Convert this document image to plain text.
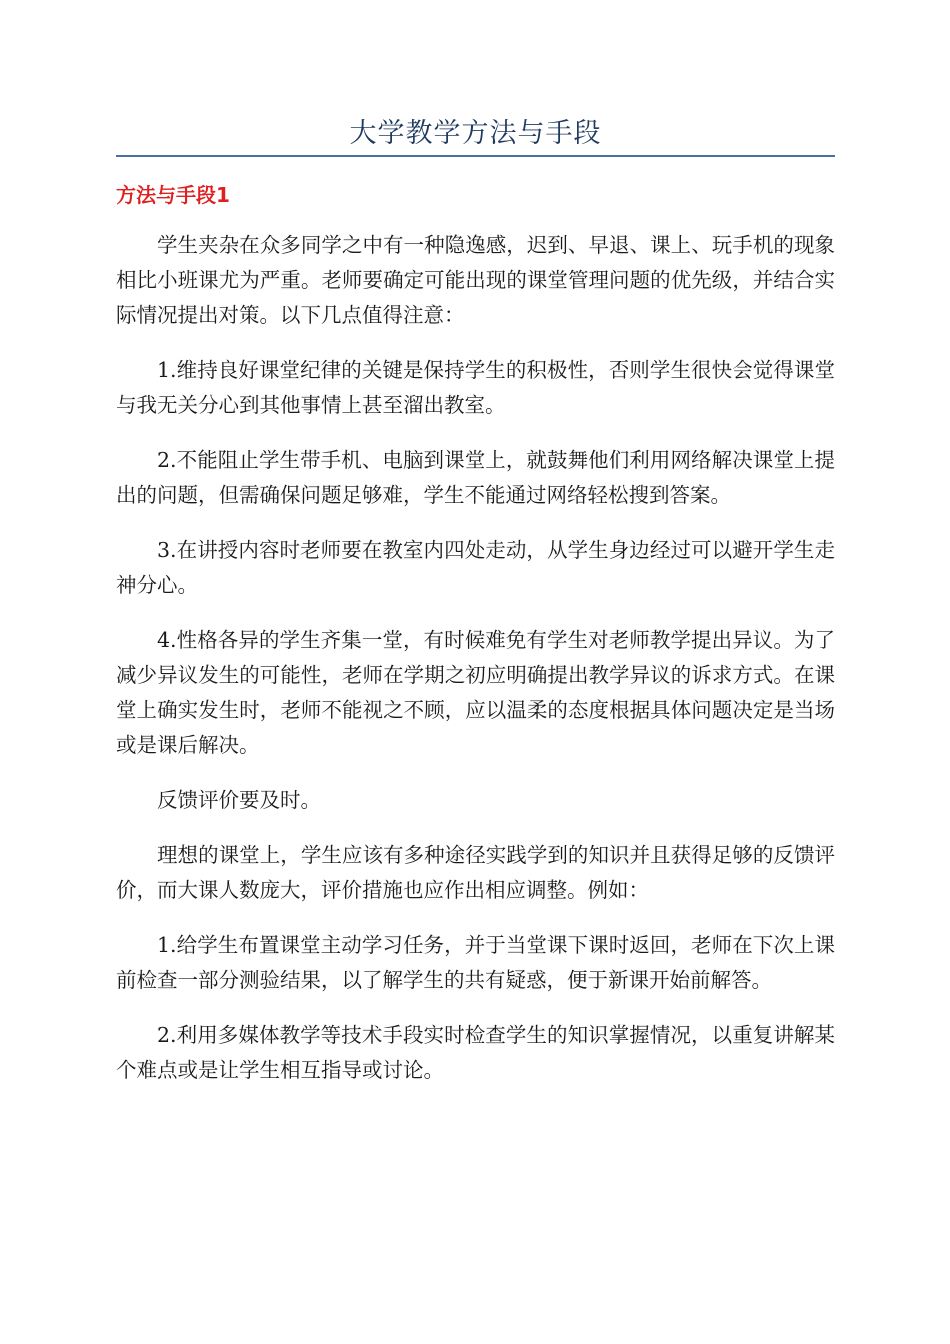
大学教学方法与手段
方法与手段1

学生夹杂在众多同学之中有一种隐逸感，迟到、早退、课上、玩手机的现象相比小班课尤为严重。老师要确定可能出现的课堂管理问题的优先级，并结合实际情况提出对策。以下几点值得注意：

1.维持良好课堂纪律的关键是保持学生的积极性，否则学生很快会觉得课堂与我无关分心到其他事情上甚至溜出教室。

2.不能阻止学生带手机、电脑到课堂上，就鼓舞他们利用网络解决课堂上提出的问题，但需确保问题足够难，学生不能通过网络轻松搜到答案。

3.在讲授内容时老师要在教室内四处走动，从学生身边经过可以避开学生走神分心。

4.性格各异的学生齐集一堂，有时候难免有学生对老师教学提出异议。为了减少异议发生的可能性，老师在学期之初应明确提出教学异议的诉求方式。在课堂上确实发生时，老师不能视之不顾，应以温柔的态度根据具体问题决定是当场或是课后解决。

反馈评价要及时。

理想的课堂上，学生应该有多种途径实践学到的知识并且获得足够的反馈评价，而大课人数庞大，评价措施也应作出相应调整。例如：

1.给学生布置课堂主动学习任务，并于当堂课下课时返回，老师在下次上课前检查一部分测验结果，以了解学生的共有疑惑，便于新课开始前解答。

2.利用多媒体教学等技术手段实时检查学生的知识掌握情况，以重复讲解某个难点或是让学生相互指导或讨论。
